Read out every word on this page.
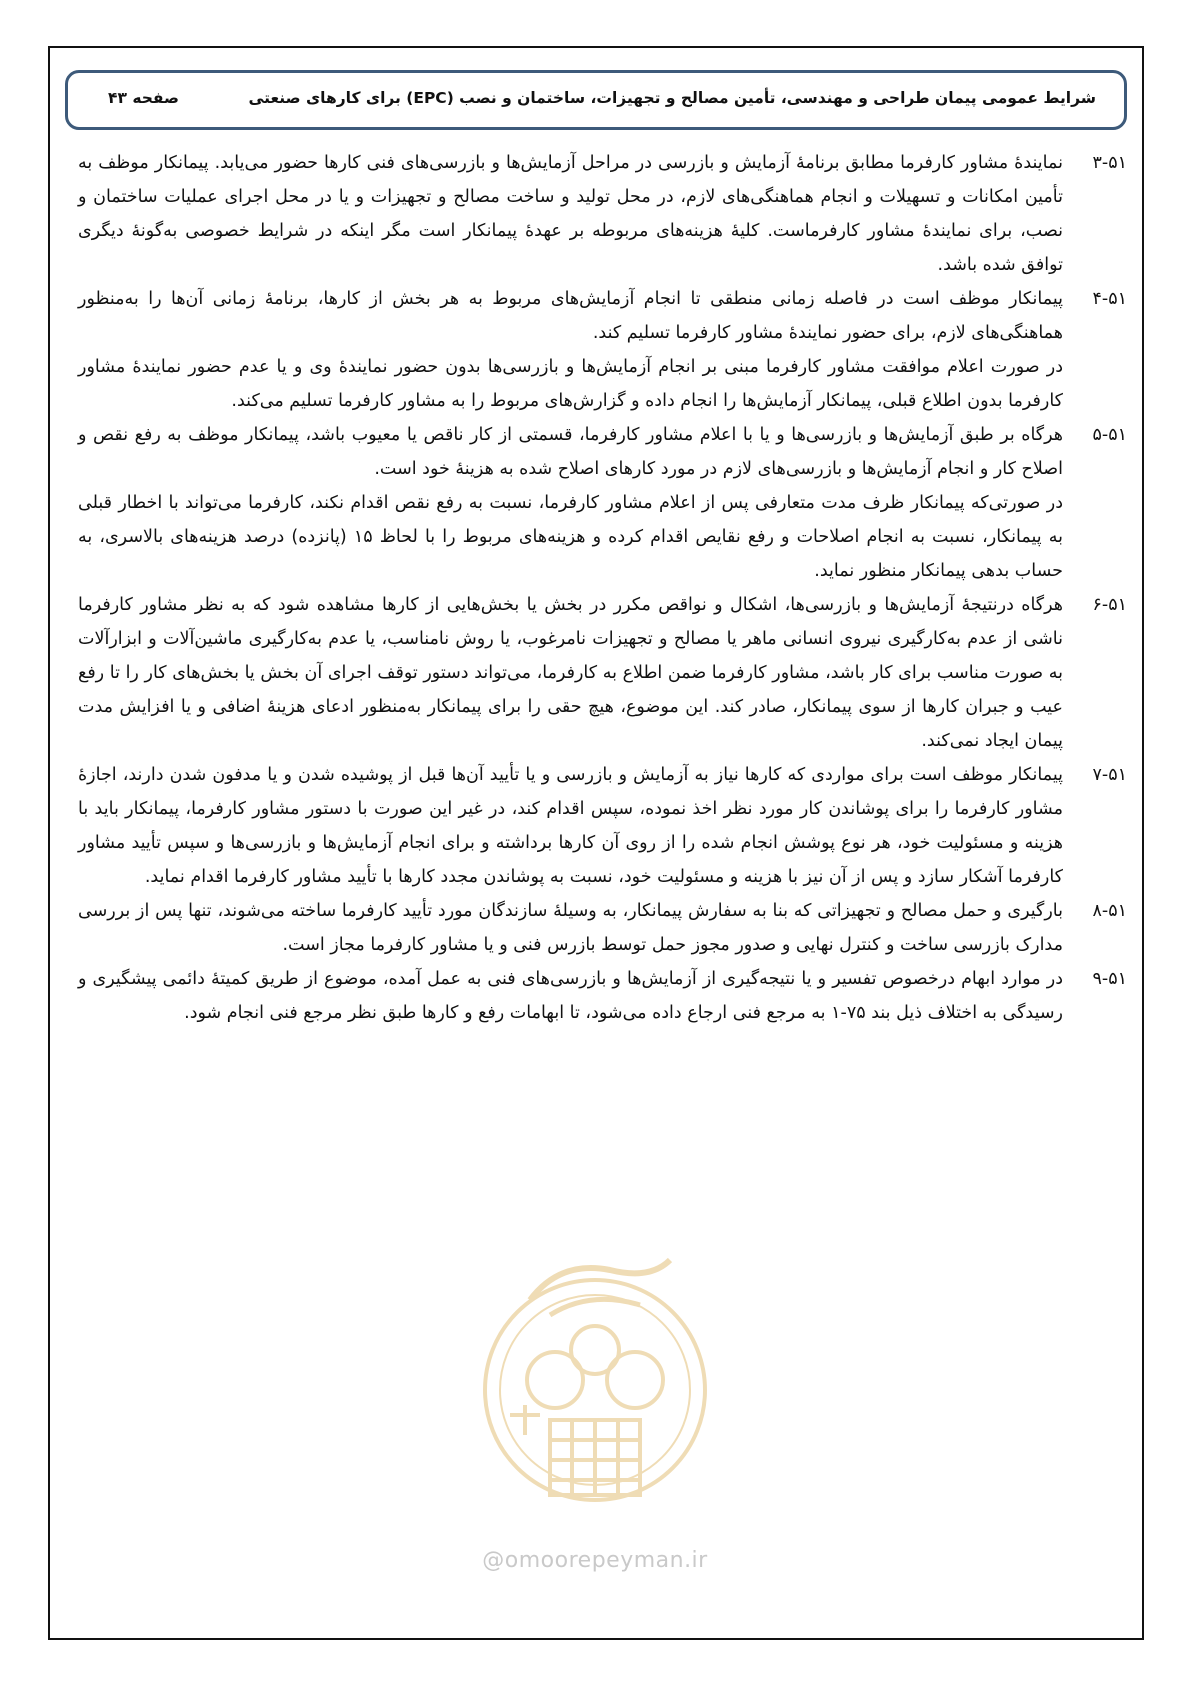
شرایط عمومی پیمان طراحی و مهندسی، تأمین مصالح و تجهیزات، ساختمان و نصب (EPC) برای کارهای صنعتی
صفحه ۴۳
۳-۵۱

نمایندهٔ مشاور کارفرما مطابق برنامهٔ آزمایش و بازرسی در مراحل آزمایش‌ها و بازرسی‌های فنی کارها حضور می‌یابد. پیمانکار موظف به تأمین امکانات و تسهیلات و انجام هماهنگی‌های لازم، در محل تولید و ساخت مصالح و تجهیزات و یا در محل اجرای عملیات ساختمان و نصب، برای نمایندهٔ مشاور کارفرماست. کلیهٔ هزینه‌های مربوطه بر عهدهٔ پیمانکار است مگر اینکه در شرایط خصوصی به‌گونهٔ دیگری توافق شده باشد.

۴-۵۱

پیمانکار موظف است در فاصله زمانی منطقی تا انجام آزمایش‌های مربوط به هر بخش از کارها، برنامهٔ زمانی آن‌ها را به‌منظور هماهنگی‌های لازم، برای حضور نمایندهٔ مشاور کارفرما تسلیم کند.

در صورت اعلام موافقت مشاور کارفرما مبنی بر انجام آزمایش‌ها و بازرسی‌ها بدون حضور نمایندهٔ وی و یا عدم حضور نمایندهٔ مشاور کارفرما بدون اطلاع قبلی، پیمانکار آزمایش‌ها را انجام داده و گزارش‌های مربوط را به مشاور کارفرما تسلیم می‌کند.

۵-۵۱

هرگاه بر طبق آزمایش‌ها و بازرسی‌ها و یا با اعلام مشاور کارفرما، قسمتی از کار ناقص یا معیوب باشد، پیمانکار موظف به رفع نقص و اصلاح کار و انجام آزمایش‌ها و بازرسی‌های لازم در مورد کارهای اصلاح شده به هزینهٔ خود است.

در صورتی‌که پیمانکار ظرف مدت متعارفی پس از اعلام مشاور کارفرما، نسبت به رفع نقص اقدام نکند، کارفرما می‌تواند با اخطار قبلی به پیمانکار، نسبت به انجام اصلاحات و رفع نقایص اقدام کرده و هزینه‌های مربوط را با لحاظ ۱۵ (پانزده) درصد هزینه‌های بالاسری، به حساب بدهی پیمانکار منظور نماید.

۶-۵۱

هرگاه درنتیجهٔ آزمایش‌ها و بازرسی‌ها، اشکال و نواقص مکرر در بخش یا بخش‌هایی از کارها مشاهده شود که به نظر مشاور کارفرما ناشی از عدم به‌کارگیری نیروی انسانی ماهر یا مصالح و تجهیزات نامرغوب، یا روش نامناسب، یا عدم به‌کارگیری ماشین‌آلات و ابزارآلات به صورت مناسب برای کار باشد، مشاور کارفرما ضمن اطلاع به کارفرما، می‌تواند دستور توقف اجرای آن بخش یا بخش‌های کار را تا رفع عیب و جبران کارها از سوی پیمانکار، صادر کند. این موضوع، هیچ حقی را برای پیمانکار به‌منظور ادعای هزینهٔ اضافی و یا افزایش مدت پیمان ایجاد نمی‌کند.

۷-۵۱

پیمانکار موظف است برای مواردی که کارها نیاز به آزمایش و بازرسی و یا تأیید آن‌ها قبل از پوشیده شدن و یا مدفون شدن دارند، اجازهٔ مشاور کارفرما را برای پوشاندن کار مورد نظر اخذ نموده، سپس اقدام کند، در غیر این صورت با دستور مشاور کارفرما، پیمانکار باید با هزینه و مسئولیت خود، هر نوع پوشش انجام شده را از روی آن کارها برداشته و برای انجام آزمایش‌ها و بازرسی‌ها و سپس تأیید مشاور کارفرما آشکار سازد و پس از آن نیز با هزینه و مسئولیت خود، نسبت به پوشاندن مجدد کارها با تأیید مشاور کارفرما اقدام نماید.

۸-۵۱

بارگیری و حمل مصالح و تجهیزاتی که بنا به سفارش پیمانکار، به وسیلهٔ سازندگان مورد تأیید کارفرما ساخته می‌شوند، تنها پس از بررسی مدارک بازرسی ساخت و کنترل نهایی و صدور مجوز حمل توسط بازرس فنی و یا مشاور کارفرما مجاز است.

۹-۵۱

در موارد ابهام درخصوص تفسیر و یا نتیجه‌گیری از آزمایش‌ها و بازرسی‌های فنی به عمل آمده، موضوع از طریق کمیتهٔ دائمی پیشگیری و رسیدگی به اختلاف ذیل بند ۷۵-۱ به مرجع فنی ارجاع داده می‌شود، تا ابهامات رفع و کارها طبق نظر مرجع فنی انجام شود.

@omoorepeyman.ir
